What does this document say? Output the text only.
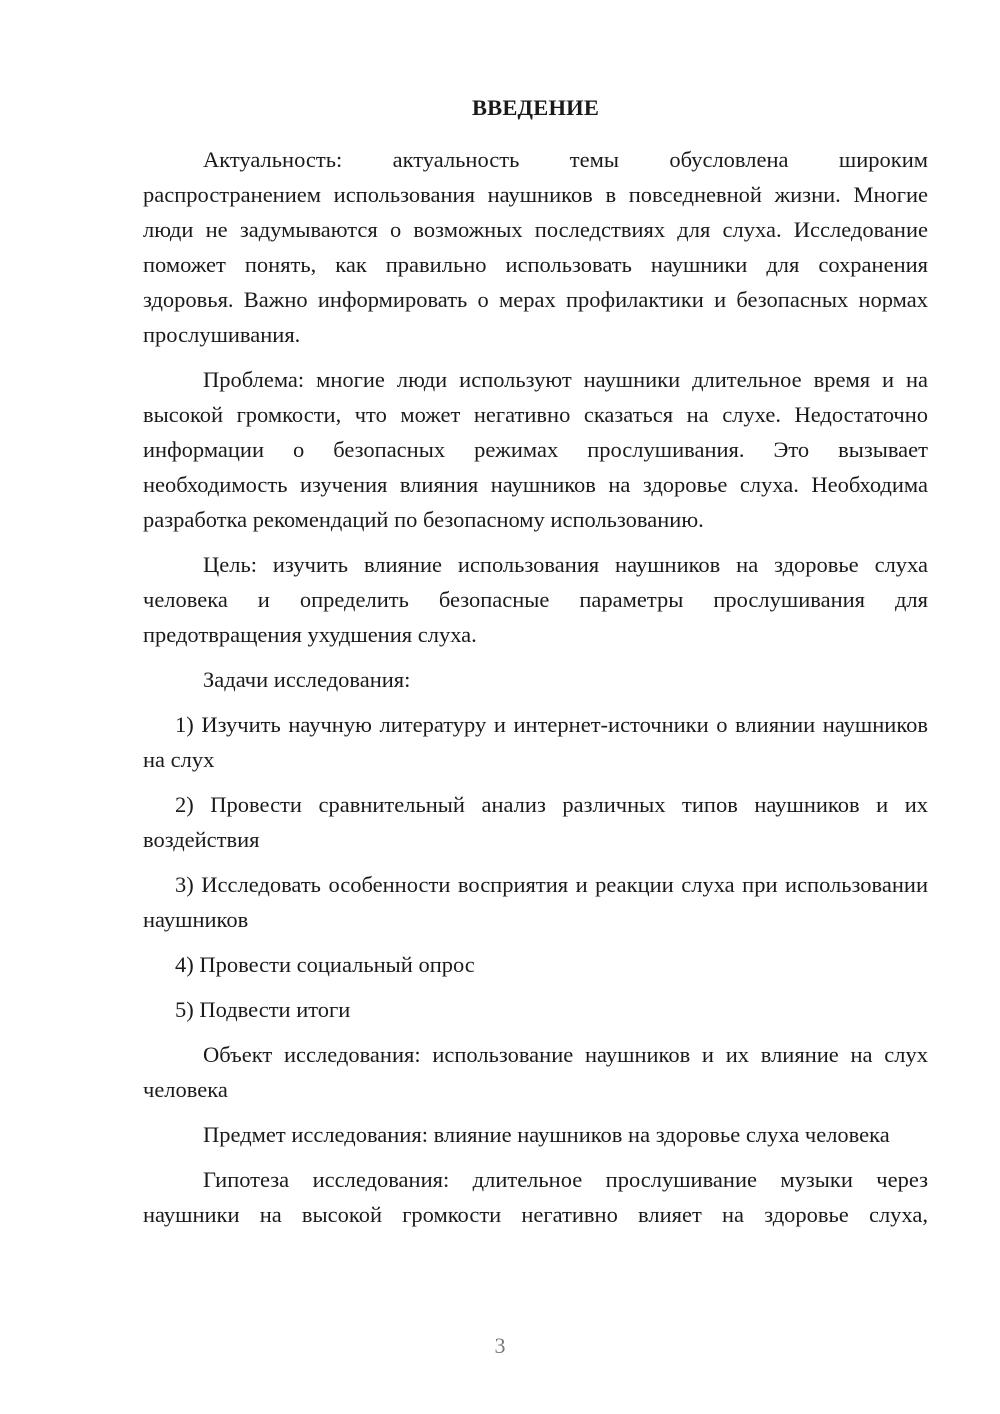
ВВЕДЕНИЕ

Актуальность: актуальность темы обусловлена широким распространением использования наушников в повседневной жизни. Многие люди не задумываются о возможных последствиях для слуха. Исследование поможет понять, как правильно использовать наушники для сохранения здоровья. Важно информировать о мерах профилактики и безопасных нормах прослушивания.

Проблема: многие люди используют наушники длительное время и на высокой громкости, что может негативно сказаться на слухе. Недостаточно информации о безопасных режимах прослушивания. Это вызывает необходимость изучения влияния наушников на здоровье слуха. Необходима разработка рекомендаций по безопасному использованию.

Цель: изучить влияние использования наушников на здоровье слуха человека и определить безопасные параметры прослушивания для предотвращения ухудшения слуха.

Задачи исследования:

1) Изучить научную литературу и интернет-источники о влиянии наушников на слух

2) Провести сравнительный анализ различных типов наушников и их воздействия

3) Исследовать особенности восприятия и реакции слуха при использовании наушников

4) Провести социальный опрос

5) Подвести итоги

Объект исследования: использование наушников и их влияние на слух человека

Предмет исследования: влияние наушников на здоровье слуха человека

Гипотеза исследования: длительное прослушивание музыки через наушники на высокой громкости негативно влияет на здоровье слуха,

3
